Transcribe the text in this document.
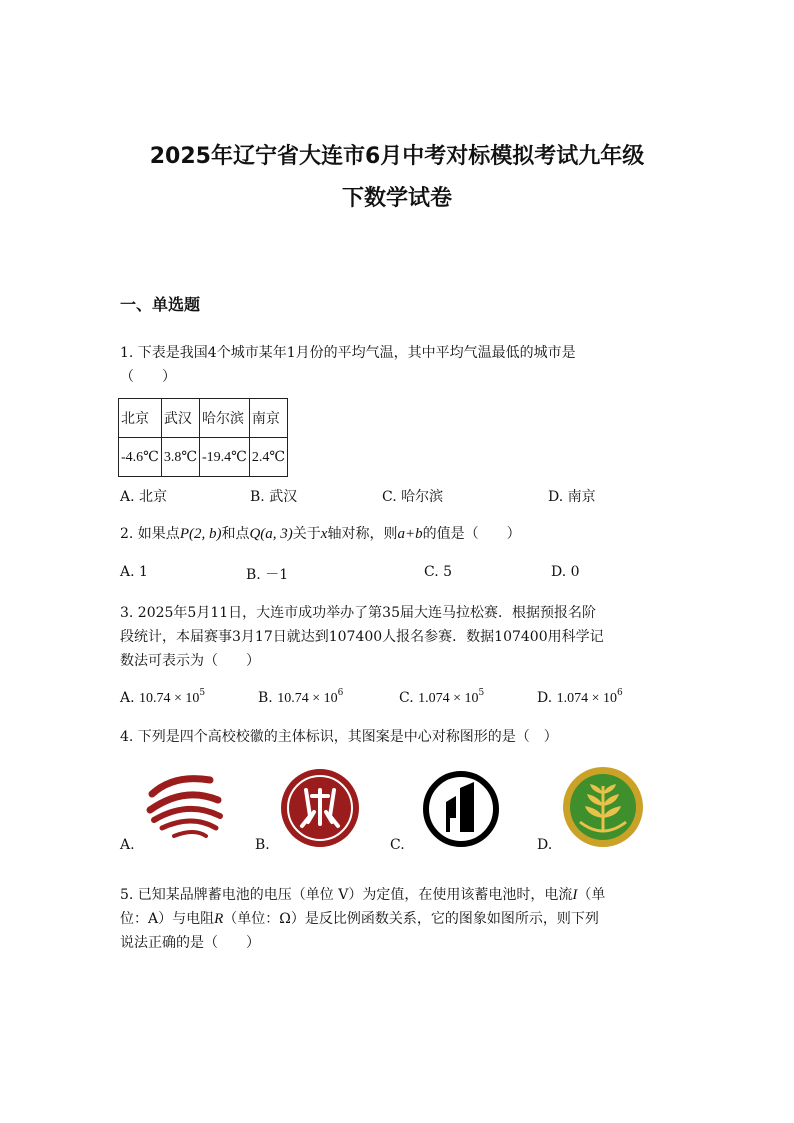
2025年辽宁省大连市6月中考对标模拟考试九年级
下数学试卷
一、单选题
1. 下表是我国4个城市某年1月份的平均气温，其中平均气温最低的城市是
（　　）
北京	武汉	哈尔滨	南京
-4.6℃	3.8℃	-19.4℃	2.4℃
A. 北京	B. 武汉	C. 哈尔滨	D. 南京
2. 如果点P(2, b)和点Q(a, 3)关于x轴对称，则a+b的值是（　　）
A. 1	B. －1	C. 5	D. 0
3. 2025年5月11日，大连市成功举办了第35届大连马拉松赛．根据预报名阶
段统计，本届赛事3月17日就达到107400人报名参赛．数据107400用科学记
数法可表示为（　　）
A. $10.74 \times 10^5$	B. $10.74 \times 10^6$	C. $1.074 \times 10^5$	D. $1.074 \times 10^6$
4. 下列是四个高校校徽的主体标识，其图案是中心对称图形的是（　）
A.	B.	C.	D.
5. 已知某品牌蓄电池的电压（单位 V）为定值，在使用该蓄电池时，电流I（单
位：A）与电阻R（单位：Ω）是反比例函数关系，它的图象如图所示，则下列
说法正确的是（　　）
